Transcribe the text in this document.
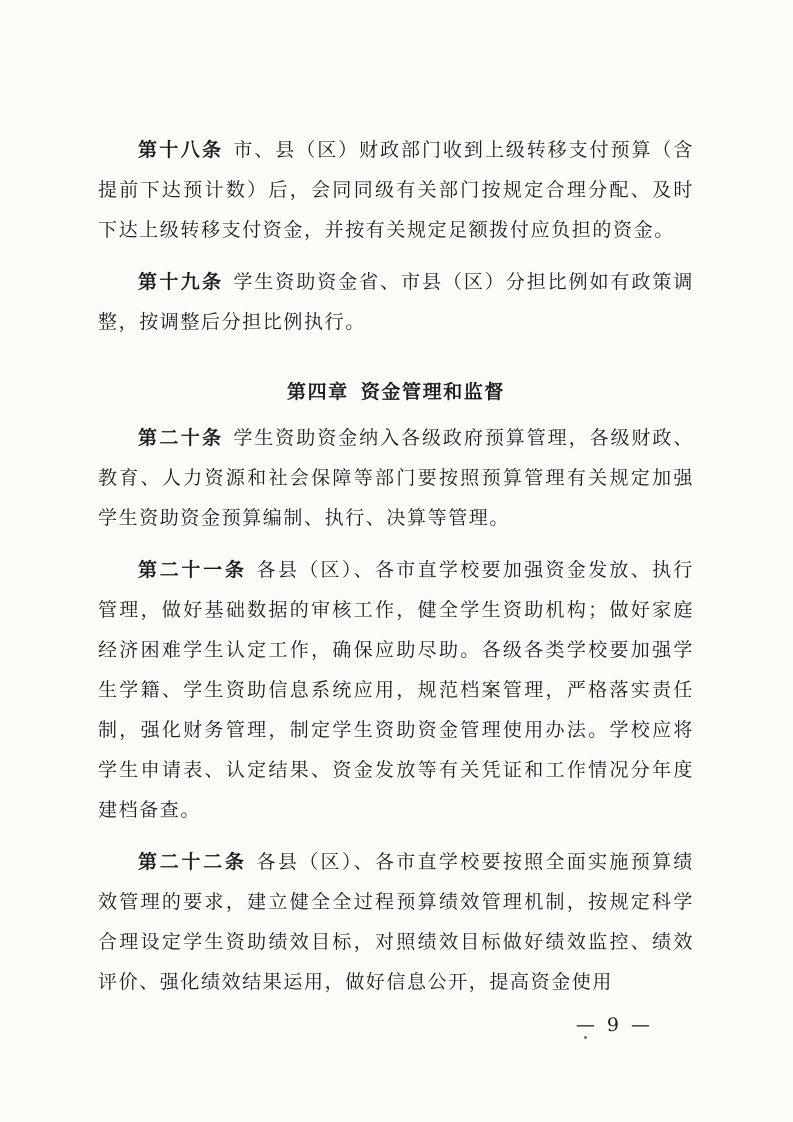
第十八条 市、县（区）财政部门收到上级转移支付预算（含提前下达预计数）后，会同同级有关部门按规定合理分配、及时下达上级转移支付资金，并按有关规定足额拨付应负担的资金。

第十九条 学生资助资金省、市县（区）分担比例如有政策调整，按调整后分担比例执行。

第四章 资金管理和监督

第二十条 学生资助资金纳入各级政府预算管理，各级财政、教育、人力资源和社会保障等部门要按照预算管理有关规定加强学生资助资金预算编制、执行、决算等管理。

第二十一条 各县（区）、各市直学校要加强资金发放、执行管理，做好基础数据的审核工作，健全学生资助机构；做好家庭经济困难学生认定工作，确保应助尽助。各级各类学校要加强学生学籍、学生资助信息系统应用，规范档案管理，严格落实责任制，强化财务管理，制定学生资助资金管理使用办法。学校应将学生申请表、认定结果、资金发放等有关凭证和工作情况分年度建档备查。

第二十二条 各县（区）、各市直学校要按照全面实施预算绩效管理的要求，建立健全全过程预算绩效管理机制，按规定科学合理设定学生资助绩效目标，对照绩效目标做好绩效监控、绩效评价、强化绩效结果运用，做好信息公开，提高资金使用

— 9 —
